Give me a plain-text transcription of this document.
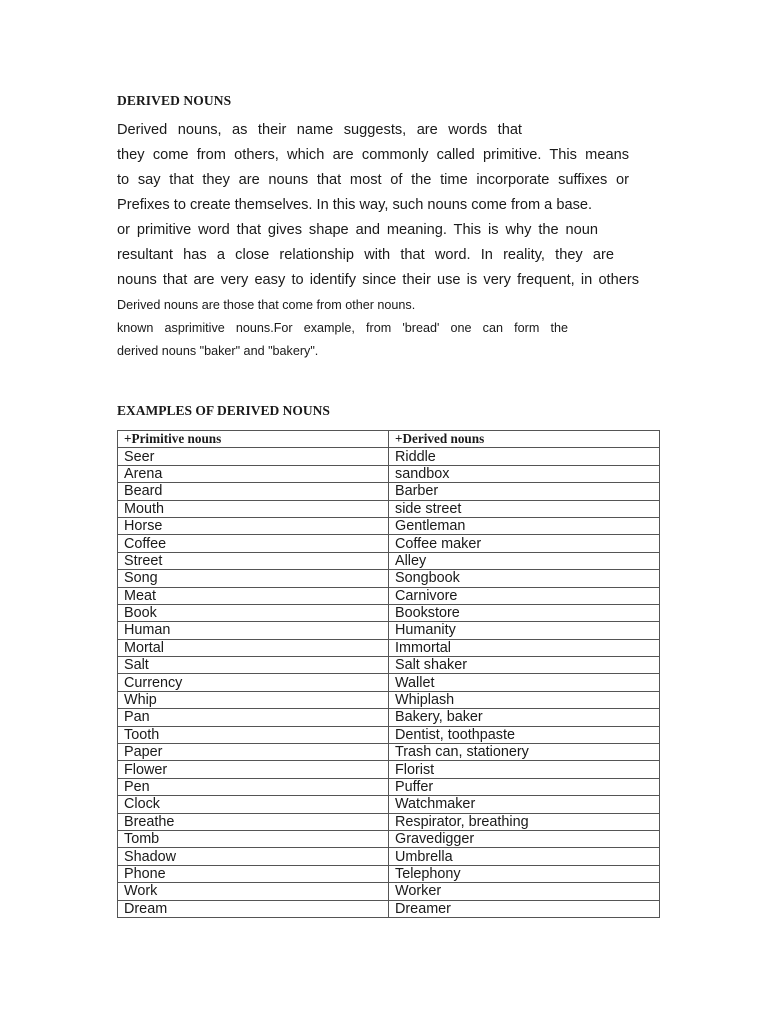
DERIVED NOUNS
Derived nouns, as their name suggests, are words that
they come from others, which are commonly called primitive. This means
to say that they are nouns that most of the time incorporate suffixes or
Prefixes to create themselves. In this way, such nouns come from a base.
or primitive word that gives shape and meaning. This is why the noun
resultant has a close relationship with that word. In reality, they are
nouns that are very easy to identify since their use is very frequent, in others
Derived nouns are those that come from other nouns.
known asprimitive nouns.For example, from 'bread' one can form the
derived nouns "baker" and "bakery".
EXAMPLES OF DERIVED NOUNS
+Primitive nouns	+Derived nouns
Seer	Riddle
Arena	sandbox
Beard	Barber
Mouth	side street
Horse	Gentleman
Coffee	Coffee maker
Street	Alley
Song	Songbook
Meat	Carnivore
Book	Bookstore
Human	Humanity
Mortal	Immortal
Salt	Salt shaker
Currency	Wallet
Whip	Whiplash
Pan	Bakery, baker
Tooth	Dentist, toothpaste
Paper	Trash can, stationery
Flower	Florist
Pen	Puffer
Clock	Watchmaker
Breathe	Respirator, breathing
Tomb	Gravedigger
Shadow	Umbrella
Phone	Telephony
Work	Worker
Dream	Dreamer
